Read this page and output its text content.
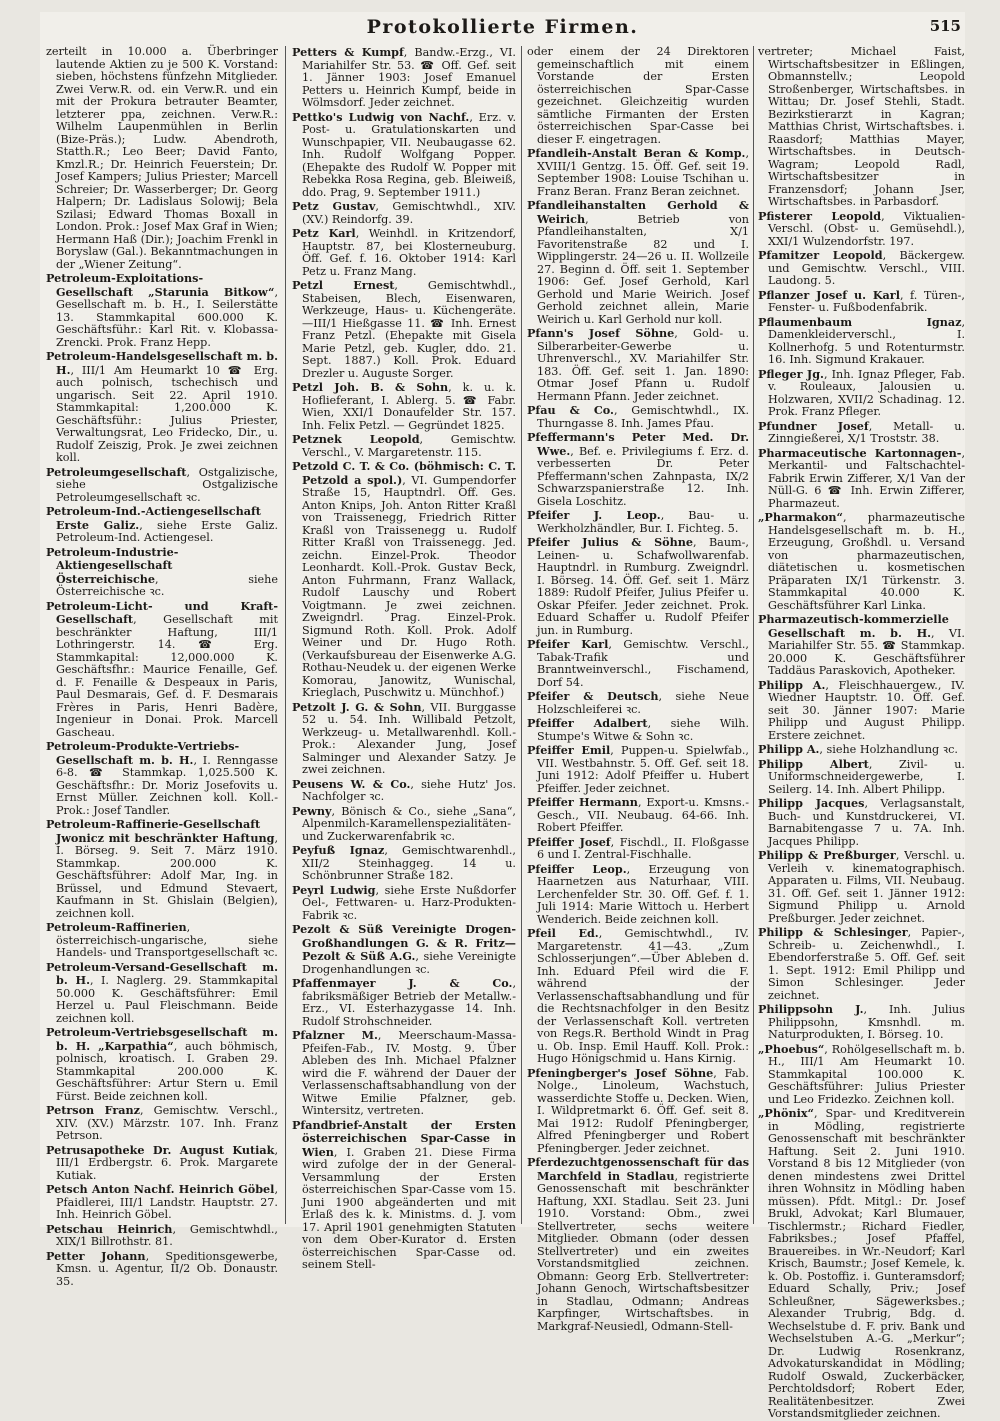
Protokollierte Firmen.	515

zerteilt in 10.000 a. Überbringer lautende Aktien zu je 500 K. Vorstand: sieben, höchstens fünfzehn Mitglieder. Zwei Verw.R. od. ein Verw.R. und ein mit der Prokura betrauter Beamter, letzterer ppa, zeichnen. Verw.R.: Wilhelm Laupenmühlen in Berlin (Bize-Präs.); Ludw. Abendroth, Statth.R.; Leo Beer; David Fanto, Kmzl.R.; Dr. Heinrich Feuerstein; Dr. Josef Kampers; Julius Priester; Marcell Schreier; Dr. Wasserberger; Dr. Georg Halpern; Dr. Ladislaus Solowij; Bela Szilasi; Edward Thomas Boxall in London. Prok.: Josef Max Graf in Wien; Hermann Haß (Dir.); Joachim Frenkl in Boryslaw (Gal.). Bekanntmachungen in der „Wiener Zeitung“.

Petroleum-Exploitations-Gesellschaft „Starunia Bitkow“, Gesellschaft m. b. H., I. Seilerstätte 13. Stammkapital 600.000 K. Geschäftsführ.: Karl Rit. v. Klobassa-Zrencki. Prok. Franz Hepp.

Petroleum-Handelsgesellschaft m. b. H., III/1 Am Heumarkt 10 ☎ Erg. auch polnisch, tschechisch und ungarisch. Seit 22. April 1910. Stammkapital: 1,200.000 K. Geschäftsführ.: Julius Priester, Verwaltungsrat, Leo Fridecko, Dir., u. Rudolf Zeiszig, Prok. Je zwei zeichnen koll.

Petroleumgesellschaft, Ostgalizische, siehe Ostgalizische Petroleumgesellschaft ꝛc.

Petroleum-Ind.-Actiengesellschaft Erste Galiz., siehe Erste Galiz. Petroleum-Ind. Actiengesel.

Petroleum-Industrie-Aktiengesellschaft Österreichische, siehe Österreichische ꝛc.

Petroleum-Licht- und Kraft-Gesellschaft, Gesellschaft mit beschränkter Haftung, III/1 Lothringerstr. 14. ☎ Erg. Stammkapital: 12,000.000 K. Geschäftsfhr.: Maurice Fenaille, Gef. d. F. Fenaille & Despeaux in Paris, Paul Desmarais, Gef. d. F. Desmarais Frères in Paris, Henri Badère, Ingenieur in Donai. Prok. Marcell Gascheau.

Petroleum-Produkte-Vertriebs-Gesellschaft m. b. H., I. Renngasse 6-8. ☎ Stammkap. 1,025.500 K. Geschäftsfhr.: Dr. Moriz Josefovits u. Ernst Müller. Zeichnen koll. Koll.-Prok.: Josef Tandler.

Petroleum-Raffinerie-Gesellschaft Jwonicz mit beschränkter Haftung, I. Börseg. 9. Seit 7. März 1910. Stammkap. 200.000 K. Geschäftsführer: Adolf Mar, Ing. in Brüssel, und Edmund Stevaert, Kaufmann in St. Ghislain (Belgien), zeichnen koll.

Petroleum-Raffinerien, österreichisch-ungarische, siehe Handels- und Transportgesellschaft ꝛc.

Petroleum-Versand-Gesellschaft m. b. H., I. Naglerg. 29. Stammkapital 50.000 K. Geschäftsführer: Emil Herzel u. Paul Fleischmann. Beide zeichnen koll.

Petroleum-Vertriebsgesellschaft m. b. H. „Karpathia“, auch böhmisch, polnisch, kroatisch. I. Graben 29. Stammkapital 200.000 K. Geschäftsführer: Artur Stern u. Emil Fürst. Beide zeichnen koll.

Petrson Franz, Gemischtw. Verschl., XIV. (XV.) Märzstr. 107. Inh. Franz Petrson.

Petrusapotheke Dr. August Kutiak, III/1 Erdbergstr. 6. Prok. Margarete Kutiak.

Petsch Anton Nachf. Heinrich Göbel, Pfaidlerei, III/1 Landstr. Hauptstr. 27. Inh. Heinrich Göbel.

Petschau Heinrich, Gemischtwhdl., XIX/1 Billrothstr. 81.

Petter Johann, Speditionsgewerbe, Kmsn. u. Agentur, II/2 Ob. Donaustr. 35.

Petters & Kumpf, Bandw.-Erzg., VI. Mariahilfer Str. 53. ☎ Off. Gef. seit 1. Jänner 1903: Josef Emanuel Petters u. Heinrich Kumpf, beide in Wölmsdorf. Jeder zeichnet.

Pettko's Ludwig von Nachf., Erz. v. Post- u. Gratulationskarten und Wunschpapier, VII. Neubaugasse 62. Inh. Rudolf Wolfgang Popper. (Ehepakte des Rudolf W. Popper mit Rebekka Rosa Regina, geb. Bleiweiß, ddo. Prag, 9. September 1911.)

Petz Gustav, Gemischtwhdl., XIV. (XV.) Reindorfg. 39.

Petz Karl, Weinhdl. in Kritzendorf, Hauptstr. 87, bei Klosterneuburg. Öff. Gef. f. 16. Oktober 1914: Karl Petz u. Franz Mang.

Petzl Ernest, Gemischtwhdl., Stabeisen, Blech, Eisenwaren, Werkzeuge, Haus- u. Küchengeräte.—III/1 Hießgasse 11. ☎ Inh. Ernest Franz Petzl. (Ehepakte mit Gisela Marie Petzl, geb. Kugler, ddo. 21. Sept. 1887.) Koll. Prok. Eduard Drezler u. Auguste Sorger.

Petzl Joh. B. & Sohn, k. u. k. Hoflieferant, I. Ablerg. 5. ☎ Fabr. Wien, XXI/1 Donaufelder Str. 157. Inh. Felix Petzl. — Gegründet 1825.

Petznek Leopold, Gemischtw. Verschl., V. Margaretenstr. 115.

Petzold C. T. & Co. (böhmisch: C. T. Petzold a spol.), VI. Gumpendorfer Straße 15, Hauptndrl. Off. Ges. Anton Knips, Joh. Anton Ritter Kraßl von Traissenegg, Friedrich Ritter Kraßl von Traissenegg u. Rudolf Ritter Kraßl von Traissenegg. Jed. zeichn. Einzel-Prok. Theodor Leonhardt. Koll.-Prok. Gustav Beck, Anton Fuhrmann, Franz Wallack, Rudolf Lauschy und Robert Voigtmann. Je zwei zeichnen. Zweigndrl. Prag. Einzel-Prok. Sigmund Roth. Koll. Prok. Adolf Weiner und Dr. Hugo Roth. (Verkaufsbureau der Eisenwerke A.G. Rothau-Neudek u. der eigenen Werke Komorau, Janowitz, Wunischal, Krieglach, Puschwitz u. Münchhof.)

Petzolt J. G. & Sohn, VII. Burggasse 52 u. 54. Inh. Willibald Petzolt, Werkzeug- u. Metallwarenhdl. Koll.-Prok.: Alexander Jung, Josef Salminger und Alexander Satzy. Je zwei zeichnen.

Peusens W. & Co., siehe Hutz' Jos. Nachfolger ꝛc.

Pewny, Bönisch & Co., siehe „Sana“, Alpenmilch-Karamellenspezialitäten- und Zuckerwarenfabrik ꝛc.

Peyfuß Ignaz, Gemischtwarenhdl., XII/2 Steinhaggeg. 14 u. Schönbrunner Straße 182.

Peyrl Ludwig, siehe Erste Nußdorfer Oel-, Fettwaren- u. Harz-Produkten-Fabrik ꝛc.

Pezolt & Süß Vereinigte Drogen-Großhandlungen G. & R. Fritz—Pezolt & Süß A.G., siehe Vereinigte Drogenhandlungen ꝛc.

Pfaffenmayer J. & Co., fabriksmäßiger Betrieb der Metallw.-Erz., VI. Esterhazygasse 14. Inh. Rudolf Strohschneider.

Pfalzner M., Meerschaum-Massa-Pfeifen-Fab., IV. Mostg. 9. Über Ableben des Inh. Michael Pfalzner wird die F. während der Dauer der Verlassenschaftsabhandlung von der Witwe Emilie Pfalzner, geb. Wintersitz, vertreten.

Pfandbrief-Anstalt der Ersten österreichischen Spar-Casse in Wien, I. Graben 21. Diese Firma wird zufolge der in der General-Versammlung der Ersten österreichischen Spar-Casse vom 15. Juni 1900 abgeänderten und mit Erlaß des k. k. Ministms. d. J. vom 17. April 1901 genehmigten Statuten von dem Ober-Kurator d. Ersten österreichischen Spar-Casse od. seinem Stell-

oder einem der 24 Direktoren gemeinschaftlich mit einem Vorstande der Ersten österreichischen Spar-Casse gezeichnet. Gleichzeitig wurden sämtliche Firmanten der Ersten österreichischen Spar-Casse bei dieser F. eingetragen.

Pfandleih-Anstalt Beran & Komp., XVIII/1 Gentzg. 15. Öff. Gef. seit 19. September 1908: Louise Tschihan u. Franz Beran. Franz Beran zeichnet.

Pfandleihanstalten Gerhold & Weirich, Betrieb von Pfandleihanstalten, X/1 Favoritenstraße 82 und I. Wipplingerstr. 24—26 u. II. Wollzeile 27. Beginn d. Öff. seit 1. September 1906: Gef. Josef Gerhold, Karl Gerhold und Marie Weirich. Josef Gerhold zeichnet allein, Marie Weirich u. Karl Gerhold nur koll.

Pfann's Josef Söhne, Gold- u. Silberarbeiter-Gewerbe u. Uhrenverschl., XV. Mariahilfer Str. 183. Öff. Gef. seit 1. Jan. 1890: Otmar Josef Pfann u. Rudolf Hermann Pfann. Jeder zeichnet.

Pfau & Co., Gemischtwhdl., IX. Thurngasse 8. Inh. James Pfau.

Pfeffermann's Peter Med. Dr. Wwe., Bef. e. Privilegiums f. Erz. d. verbesserten Dr. Peter Pfeffermann'schen Zahnpasta, IX/2 Schwarzspanierstraße 12. Inh. Gisela Loschitz.

Pfeifer J. Leop., Bau- u. Werkholzhändler, Bur. I. Fichteg. 5.

Pfeifer Julius & Söhne, Baum-, Leinen- u. Schafwollwarenfab. Hauptndrl. in Rumburg. Zweigndrl. I. Börseg. 14. Öff. Gef. seit 1. März 1889: Rudolf Pfeifer, Julius Pfeifer u. Oskar Pfeifer. Jeder zeichnet. Prok. Eduard Schaffer u. Rudolf Pfeifer jun. in Rumburg.

Pfeifer Karl, Gemischtw. Verschl., Tabak-Trafik und Branntweinverschl., Fischamend, Dorf 54.

Pfeifer & Deutsch, siehe Neue Holzschleiferei ꝛc.

Pfeiffer Adalbert, siehe Wilh. Stumpe's Witwe & Sohn ꝛc.

Pfeiffer Emil, Puppen-u. Spielwfab., VII. Westbahnstr. 5. Off. Gef. seit 18. Juni 1912: Adolf Pfeiffer u. Hubert Pfeiffer. Jeder zeichnet.

Pfeiffer Hermann, Export-u. Kmsns.-Gesch., VII. Neubaug. 64-66. Inh. Robert Pfeiffer.

Pfeiffer Josef, Fischdl., II. Floßgasse 6 und I. Zentral-Fischhalle.

Pfeiffer Leop., Erzeugung von Haarnetzen aus Naturhaar, VIII. Lerchenfelder Str. 30. Off. Gef. f. 1. Juli 1914: Marie Wittoch u. Herbert Wenderich. Beide zeichnen koll.

Pfeil Ed., Gemischtwhdl., IV. Margaretenstr. 41—43. „Zum Schlosserjungen“.—Über Ableben d. Inh. Eduard Pfeil wird die F. während der Verlassenschaftsabhandlung und für die Rechtsnachfolger in den Besitz der Verlassenschaft Koll. vertreten von Regs.R. Berthold Windt in Prag u. Ob. Insp. Emil Hauff. Koll. Prok.: Hugo Hönigschmid u. Hans Kirnig.

Pfeningberger's Josef Söhne, Fab. Nolge., Linoleum, Wachstuch, wasserdichte Stoffe u. Decken. Wien, I. Wildpretmarkt 6. Öff. Gef. seit 8. Mai 1912: Rudolf Pfeningberger, Alfred Pfeningberger und Robert Pfeningberger. Jeder zeichnet.

Pferdezuchtgenossenschaft für das Marchfeld in Stadlau, registrierte Genossenschaft mit beschränkter Haftung, XXI. Stadlau. Seit 23. Juni 1910. Vorstand: Obm., zwei Stellvertreter, sechs weitere Mitglieder. Obmann (oder dessen Stellvertreter) und ein zweites Vorstandsmitglied zeichnen. Obmann: Georg Erb. Stellvertreter: Johann Genoch, Wirtschaftsbesitzer in Stadlau, Odmann; Andreas Karpfinger, Wirtschaftsbes. in Markgraf-Neusiedl, Odmann-Stell-

vertreter; Michael Faist, Wirtschaftsbesitzer in Eßlingen, Obmannstellv.; Leopold Stroßenberger, Wirtschaftsbes. in Wittau; Dr. Josef Stehli, Stadt. Bezirkstierarzt in Kagran; Matthias Christ, Wirtschaftsbes. i. Raasdorf; Matthias Mayer, Wirtschaftsbes. in Deutsch-Wagram; Leopold Radl, Wirtschaftsbesitzer in Franzensdorf; Johann Jser, Wirtschaftsbes. in Parbasdorf.

Pfisterer Leopold, Viktualien-Verschl. (Obst- u. Gemüsehdl.), XXI/1 Wulzendorfstr. 197.

Pfamitzer Leopold, Bäckergew. und Gemischtw. Verschl., VIII. Laudong. 5.

Pflanzer Josef u. Karl, f. Türen-, Fenster- u. Fußbodenfabrik.

Pflaumenbaum Ignaz, Damenkleiderverschl., I. Kollnerhofg. 5 und Rotenturmstr. 16. Inh. Sigmund Krakauer.

Pfleger Jg., Inh. Ignaz Pfleger, Fab. v. Rouleaux, Jalousien u. Holzwaren, XVII/2 Schadinag. 12. Prok. Franz Pfleger.

Pfundner Josef, Metall- u. Zinngießerei, X/1 Troststr. 38.

Pharmaceutische Kartonnagen-, Merkantil- und Faltschachtel-Fabrik Erwin Zifferer, X/1 Van der Nüll-G. 6 ☎ Inh. Erwin Zifferer, Pharmazeut.

„Pharmakon“, pharmazeutische Handelsgesellschaft m. b. H., Erzeugung, Großhdl. u. Versand von pharmazeutischen, diätetischen u. kosmetischen Präparaten IX/1 Türkenstr. 3. Stammkapital 40.000 K. Geschäftsführer Karl Linka.

Pharmazeutisch-kommerzielle Gesellschaft m. b. H., VI. Mariahilfer Str. 55. ☎ Stammkap. 20.000 K. Geschäftsführer Taddäus Paraskovich, Apotheker.

Philipp A., Fleischhauergew., IV. Wiedner Hauptstr. 10. Öff. Gef. seit 30. Jänner 1907: Marie Philipp und August Philipp. Erstere zeichnet.

Philipp A., siehe Holzhandlung ꝛc.

Philipp Albert, Zivil- u. Uniformschneidergewerbe, I. Seilerg. 14. Inh. Albert Philipp.

Philipp Jacques, Verlagsanstalt, Buch- und Kunstdruckerei, VI. Barnabitengasse 7 u. 7A. Inh. Jacques Philipp.

Philipp & Preßburger, Verschl. u. Verleih v. kinematographisch. Apparaten u. Films, VII. Neubaug. 31. Off. Gef. seit 1. Jänner 1912: Sigmund Philipp u. Arnold Preßburger. Jeder zeichnet.

Philipp & Schlesinger, Papier-, Schreib- u. Zeichenwhdl., I. Ebendorferstraße 5. Off. Gef. seit 1. Sept. 1912: Emil Philipp und Simon Schlesinger. Jeder zeichnet.

Philippsohn J., Inh. Julius Philippsohn, Kmsnhdl. m. Naturprodukten, I. Börseg. 10.

„Phoebus“, Rohölgesellschaft m. b. H., III/1 Am Heumarkt 10. Stammkapital 100.000 K. Geschäftsführer: Julius Priester und Leo Fridezko. Zeichnen koll.

„Phönix“, Spar- und Kreditverein in Mödling, registrierte Genossenschaft mit beschränkter Haftung. Seit 2. Juni 1910. Vorstand 8 bis 12 Mitglieder (von denen mindestens zwei Drittel ihren Wohnsitz in Mödling haben müssen). Pfdt. Mitgl.: Dr. Josef Brukl, Advokat; Karl Blumauer, Tischlermstr.; Richard Fiedler, Fabriksbes.; Josef Pfaffel, Brauereibes. in Wr.-Neudorf; Karl Krisch, Baumstr.; Josef Kemele, k. k. Ob. Postoffiz. i. Gunteramsdorf; Eduard Schally, Priv.; Josef Schleußner, Sägewerksbes.; Alexander Trubrig, Bdg. d. Wechselstube d. F. priv. Bank und Wechselstuben A.-G. „Merkur“; Dr. Ludwig Rosenkranz, Advokaturskandidat in Mödling; Rudolf Oswald, Zuckerbäcker, Perchtoldsdorf; Robert Eder, Realitätenbesitzer. Zwei Vorstandsmitglieder zeichnen.
